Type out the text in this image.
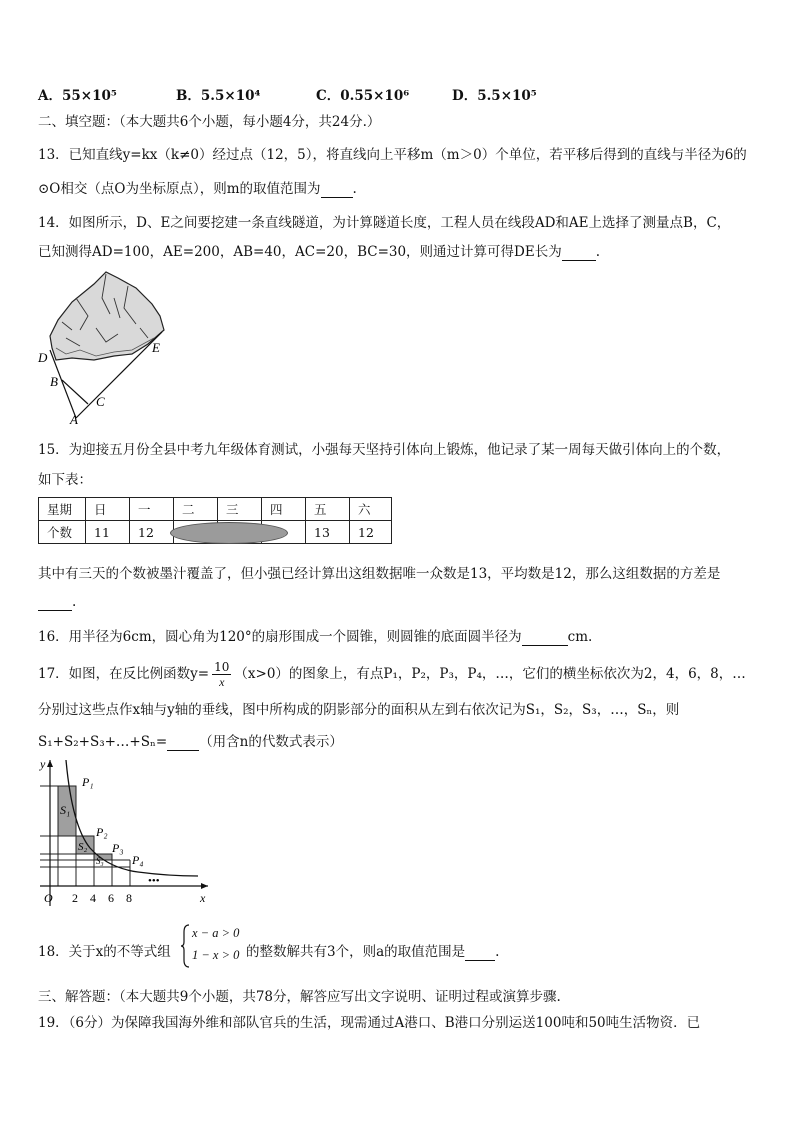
A．55×10⁵	B．5.5×10⁴	C．0.55×10⁶	D．5.5×10⁵
二、填空题：（本大题共6个小题，每小题4分，共24分.）
13．已知直线y=kx（k≠0）经过点（12，5），将直线向上平移m（m＞0）个单位，若平移后得到的直线与半径为6的
⊙O相交（点O为坐标原点），则m的取值范围为 .
14．如图所示，D、E之间要挖建一条直线隧道，为计算隧道长度，工程人员在线段AD和AE上选择了测量点B，C，
已知测得AD=100，AE=200，AB=40，AC=20，BC=30，则通过计算可得DE长为	.
D
E
B
C
A
15．为迎接五月份全县中考九年级体育测试，小强每天坚持引体向上锻炼，他记录了某一周每天做引体向上的个数，
如下表：
星期	日	一	二	三	四	五	六
个数	11	12				13	12
其中有三天的个数被墨汁覆盖了，但小强已经计算出这组数据唯一众数是13，平均数是12，那么这组数据的方差是
.
16．用半径为6cm，圆心角为120°的扇形围成一个圆锥，则圆锥的底面圆半径为	cm.
17．如图，在反比例函数$y= \frac{10}{x} (x>0)$的图象上，有点P₁，P₂，P₃，P₄，…，它们的横坐标依次为2，4，6，8，…
分别过这些点作x轴与y轴的垂线，图中所构成的阴影部分的面积从左到右依次记为S₁，S₂，S₃，…，Sₙ，则
S₁+S₂+S₃+…+Sₙ= （用含n的代数式表示）
y
x
O
P₁
P₂
P₃
P₄
S₁
S₂
S₃
2 4 6 8
•••
18．关于x的不等式组
x − a > 0
1 − x > 0 的整数解共有3个，则a的取值范围是 .
三、解答题：（本大题共9个小题，共78分，解答应写出文字说明、证明过程或演算步骤.
19．（6分）为保障我国海外维和部队官兵的生活，现需通过A港口、B港口分别运送100吨和50吨生活物资．已
